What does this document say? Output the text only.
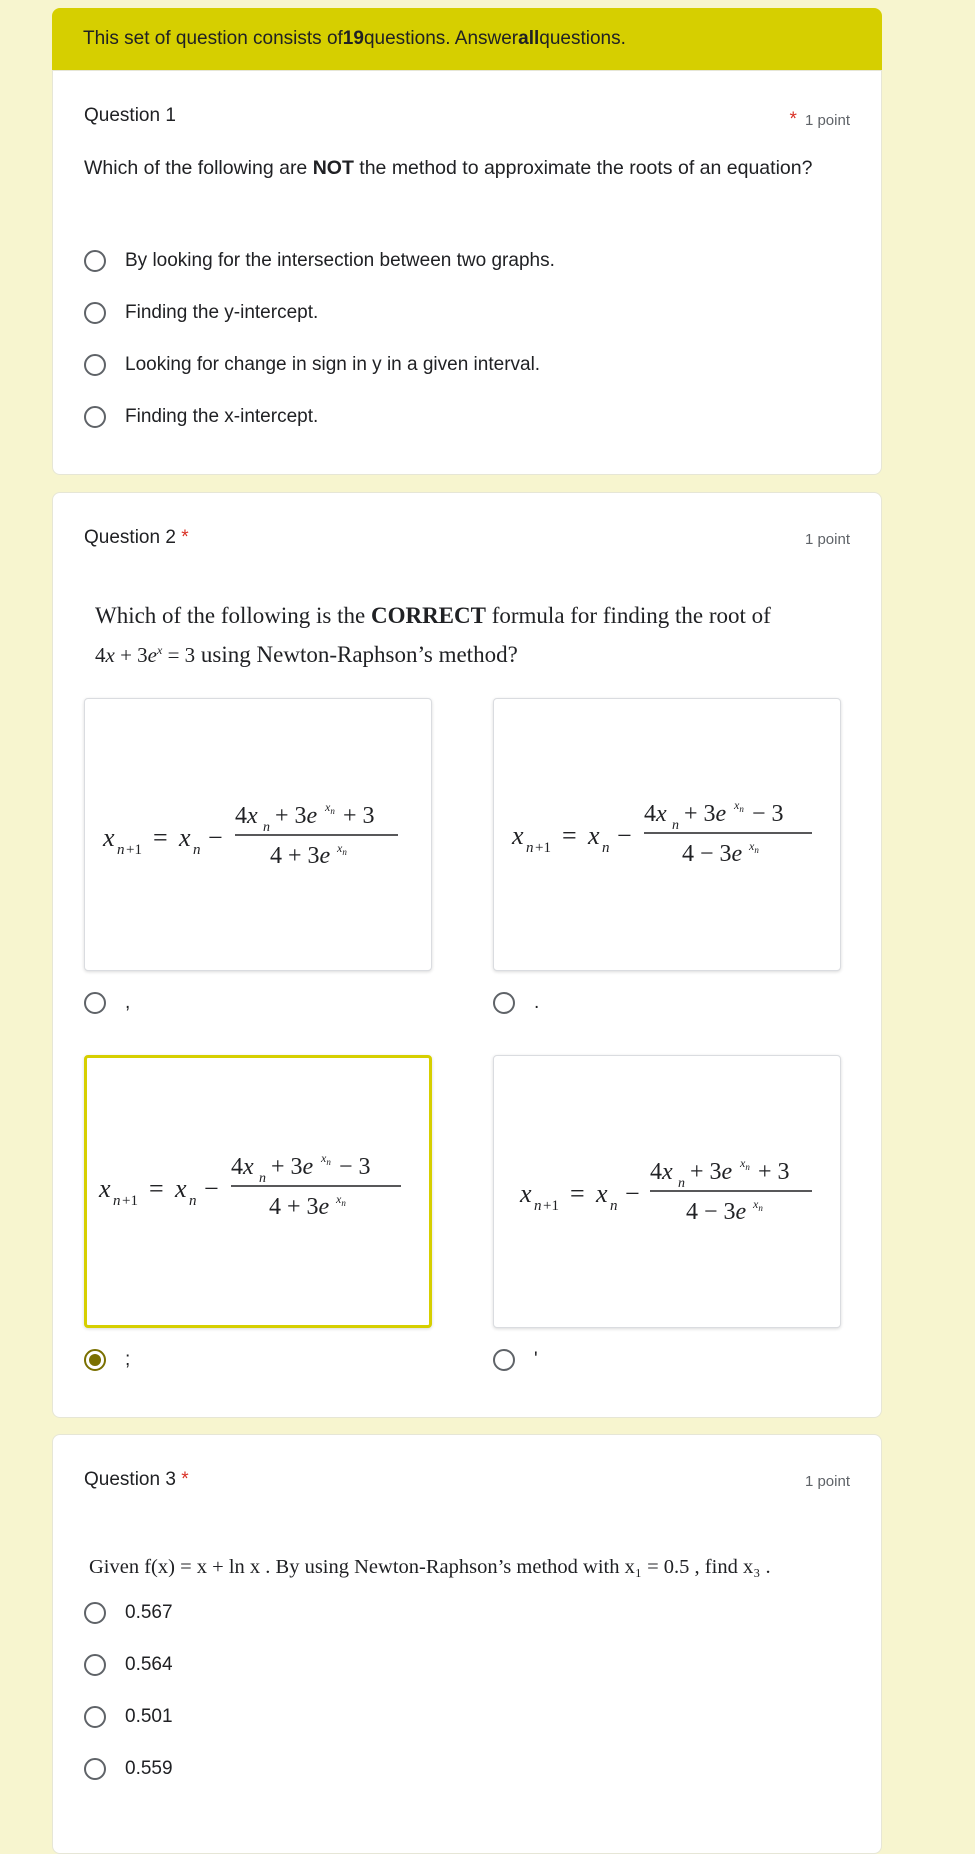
This set of question consists of 19 questions. Answer all questions.
Question 1	* 1 point
Which of the following are NOT the method to approximate the roots of an equation?
By looking for the intersection between two graphs.
Finding the y-intercept.
Looking for change in sign in y in a given interval.
Finding the x-intercept.
Question 2 *	1 point
Which of the following is the CORRECT formula for finding the root of
$4x + 3e^x = 3$ using Newton-Raphson’s method?
x n +1 = x n −
4x n + 3e $x_n + 3$
4 + 3e $x_n$
,
x n +1 = x n −
4x n + 3e $x_n - 3$
4 − 3e $x_n$
.
x n +1 = x n −
4x n + 3e $x_n - 3$
4 + 3e $x_n$
;
x n +1 = x n −
4x n + 3e $x_n + 3$
4 − 3e $x_n$
'
Question 3 *	1 point
Given f(x) = x + ln x . By using Newton-Raphson’s method with x₁ = 0.5 , find x₃ .
0.567
0.564
0.501
0.559
